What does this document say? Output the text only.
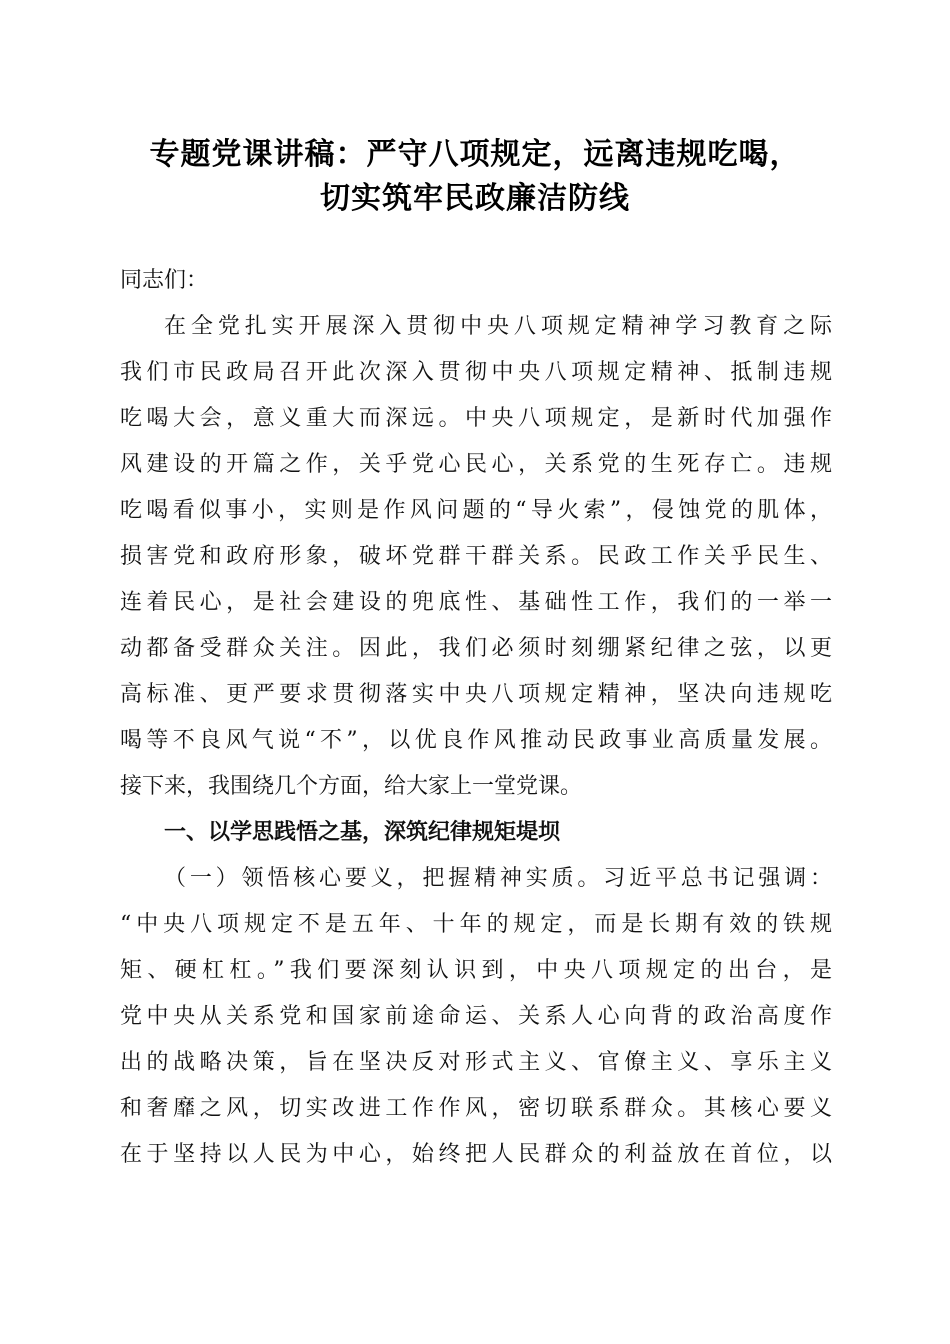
专题党课讲稿：严守八项规定，远离违规吃喝，
切实筑牢民政廉洁防线
同志们：
在全党扎实开展深入贯彻中央八项规定精神学习教育之际
我们市民政局召开此次深入贯彻中央八项规定精神、抵制违规
吃喝大会，意义重大而深远。中央八项规定，是新时代加强作
风建设的开篇之作，关乎党心民心，关系党的生死存亡。违规
吃喝看似事小，实则是作风问题的“导火索”，侵蚀党的肌体，
损害党和政府形象，破坏党群干群关系。民政工作关乎民生、
连着民心，是社会建设的兜底性、基础性工作，我们的一举一
动都备受群众关注。因此，我们必须时刻绷紧纪律之弦，以更
高标准、更严要求贯彻落实中央八项规定精神，坚决向违规吃
喝等不良风气说“不”，以优良作风推动民政事业高质量发展。
接下来，我围绕几个方面，给大家上一堂党课。
一、以学思践悟之基，深筑纪律规矩堤坝
（一）领悟核心要义，把握精神实质。习近平总书记强调：
“中央八项规定不是五年、十年的规定，而是长期有效的铁规
矩、硬杠杠。”我们要深刻认识到，中央八项规定的出台，是
党中央从关系党和国家前途命运、关系人心向背的政治高度作
出的战略决策，旨在坚决反对形式主义、官僚主义、享乐主义
和奢靡之风，切实改进工作作风，密切联系群众。其核心要义
在于坚持以人民为中心，始终把人民群众的利益放在首位，以
